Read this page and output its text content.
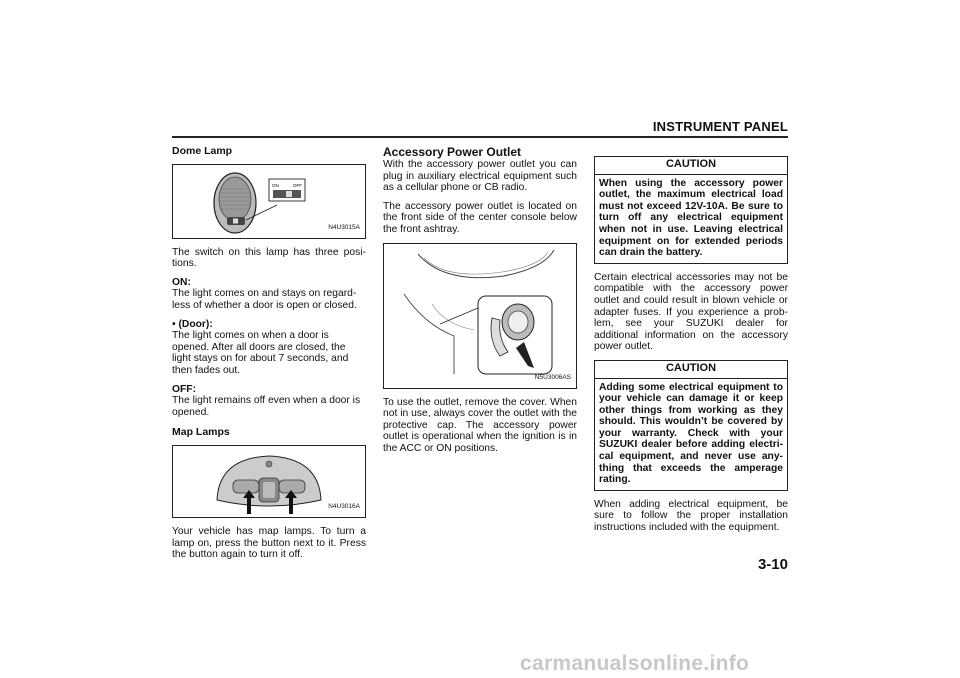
INSTRUMENT PANEL
Dome Lamp
ON	OFF
N4U3015A

The switch on this lamp has three posi-tions.

ON:
The light comes on and stays on regard-less of whether a door is open or closed.

• (Door):
The light comes on when a door is opened. After all doors are closed, the light stays on for about 7 seconds, and then fades out.

OFF:
The light remains off even when a door is opened.

Map Lamps
N4U3016A

Your vehicle has map lamps. To turn a lamp on, press the button next to it. Press the button again to turn it off.

Accessory Power Outlet

With the accessory power outlet you can plug in auxiliary electrical equipment such as a cellular phone or CB radio.

The accessory power outlet is located on the front side of the center console below the front ashtray.

N5U3006AS

To use the outlet, remove the cover. When not in use, always cover the outlet with the protective cap. The accessory power outlet is operational when the ignition is in the ACC or ON positions.

CAUTION
When using the accessory power outlet, the maximum electrical load must not exceed 12V-10A. Be sure to turn off any electrical equipment when not in use. Leaving electrical equipment on for extended periods can drain the battery.

Certain electrical accessories may not be compatible with the accessory power outlet and could result in blown vehicle or adapter fuses. If you experience a prob-lem, see your SUZUKI dealer for additional information on the accessory power outlet.

CAUTION
Adding some electrical equipment to your vehicle can damage it or keep other things from working as they should. This wouldn’t be covered by your warranty. Check with your SUZUKI dealer before adding electri-cal equipment, and never use any-thing that exceeds the amperage rating.

When adding electrical equipment, be sure to follow the proper installation instructions included with the equipment.

3-10
carmanualsonline.info
